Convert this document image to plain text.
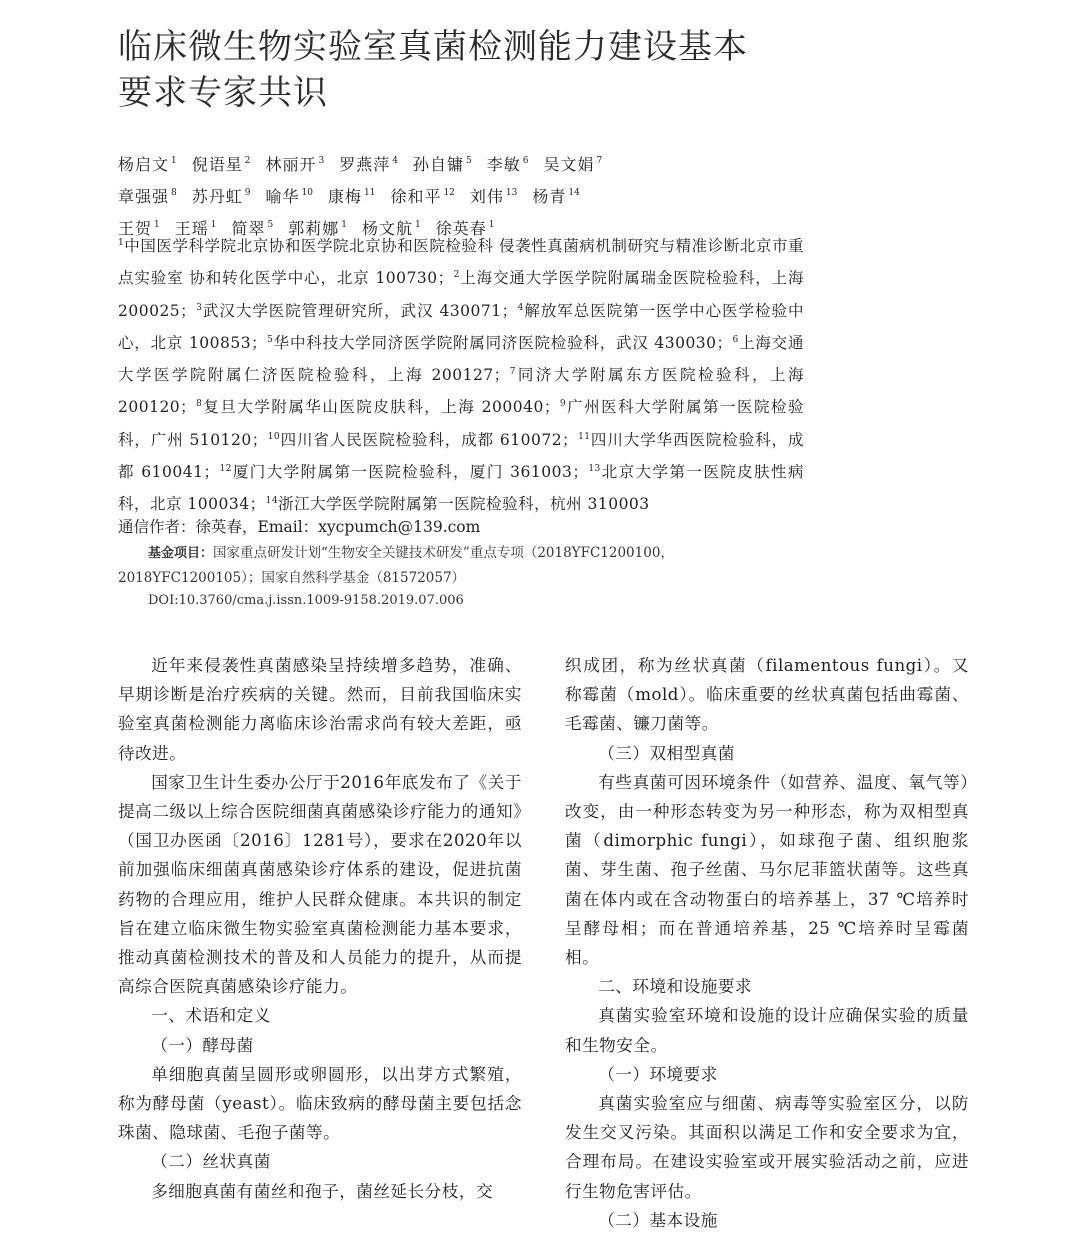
临床微生物实验室真菌检测能力建设基本
要求专家共识
杨启文 $^1$ 倪语星 $^2$ 林丽开 $^3$ 罗燕萍 $^4$ 孙自镛 $^5$ 李敏 $^6$ 吴文娟 $^7$
章强强 $^8$ 苏丹虹 $^9$ 喻华 $^{10}$ 康梅 $^{11}$ 徐和平 $^{12}$ 刘伟 $^{13}$ 杨青 $^{14}$
王贺 $^1$ 王瑶 $^1$ 简翠 $^5$ 郭莉娜 $^1$ 杨文航 $^1$ 徐英春 $^1$
$^1$中国医学科学院北京协和医学院北京协和医院检验科 侵袭性真菌病机制研究与精准诊断北京市重点实验室 协和转化医学中心，北京 100730；$^2$上海交通大学医学院附属瑞金医院检验科，上海 200025；$^3$武汉大学医院管理研究所，武汉 430071；$^4$解放军总医院第一医学中心医学检验中心，北京 100853；$^5$华中科技大学同济医学院附属同济医院检验科，武汉 430030；$^6$上海交通大学医学院附属仁济医院检验科，上海 200127；$^7$同济大学附属东方医院检验科，上海 200120；$^8$复旦大学附属华山医院皮肤科，上海 200040；$^9$广州医科大学附属第一医院检验科，广州 510120；$^{10}$四川省人民医院检验科，成都 610072；$^{11}$四川大学华西医院检验科，成都 610041；$^{12}$厦门大学附属第一医院检验科，厦门 361003；$^{13}$北京大学第一医院皮肤性病科，北京 100034；$^{14}$浙江大学医学院附属第一医院检验科，杭州 310003
通信作者：徐英春，Email：xycpumch@139.com
基金项目：国家重点研发计划“生物安全关键技术研发”重点专项（2018YFC1200100，
2018YFC1200105）；国家自然科学基金（81572057）
DOI:10.3760/cma.j.issn.1009-9158.2019.07.006

近年来侵袭性真菌感染呈持续增多趋势，准确、早期诊断是治疗疾病的关键。然而，目前我国临床实验室真菌检测能力离临床诊治需求尚有较大差距，亟待改进。

国家卫生计生委办公厅于2016年底发布了《关于提高二级以上综合医院细菌真菌感染诊疗能力的通知》（国卫办医函〔2016〕1281号），要求在2020年以前加强临床细菌真菌感染诊疗体系的建设，促进抗菌药物的合理应用，维护人民群众健康。本共识的制定旨在建立临床微生物实验室真菌检测能力基本要求，推动真菌检测技术的普及和人员能力的提升，从而提高综合医院真菌感染诊疗能力。

一、术语和定义
（一）酵母菌

单细胞真菌呈圆形或卵圆形，以出芽方式繁殖，称为酵母菌（yeast）。临床致病的酵母菌主要包括念珠菌、隐球菌、毛孢子菌等。

（二）丝状真菌

多细胞真菌有菌丝和孢子，菌丝延长分枝，交

织成团，称为丝状真菌（filamentous fungi）。又称霉菌（mold）。临床重要的丝状真菌包括曲霉菌、毛霉菌、镰刀菌等。

（三）双相型真菌

有些真菌可因环境条件（如营养、温度、氧气等）改变，由一种形态转变为另一种形态，称为双相型真菌（dimorphic fungi），如球孢子菌、组织胞浆菌、芽生菌、孢子丝菌、马尔尼菲篮状菌等。这些真菌在体内或在含动物蛋白的培养基上，37 ℃培养时呈酵母相；而在普通培养基，25 ℃培养时呈霉菌相。

二、环境和设施要求

真菌实验室环境和设施的设计应确保实验的质量和生物安全。

（一）环境要求

真菌实验室应与细菌、病毒等实验室区分，以防发生交叉污染。其面积以满足工作和安全要求为宜，合理布局。在建设实验室或开展实验活动之前，应进行生物危害评估。

（二）基本设施
